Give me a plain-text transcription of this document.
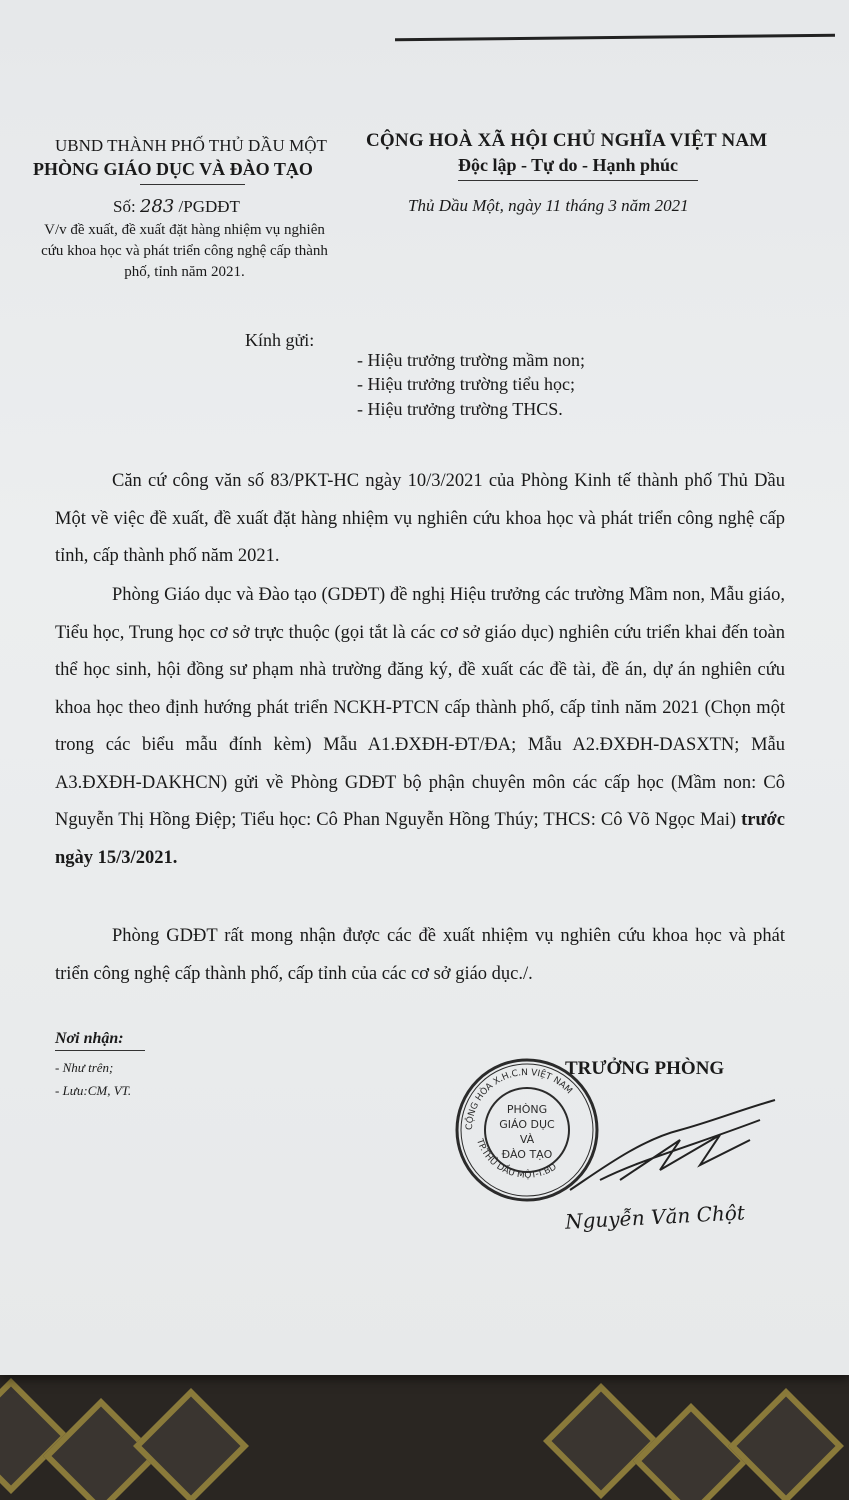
UBND THÀNH PHỐ THỦ DẦU MỘT
PHÒNG GIÁO DỤC VÀ ĐÀO TẠO
Số: 283 /PGDĐT
V/v đề xuất, đề xuất đặt hàng nhiệm vụ nghiên cứu khoa học và phát triển công nghệ cấp thành phố, tỉnh năm 2021.
CỘNG HOÀ XÃ HỘI CHỦ NGHĨA VIỆT NAM
Độc lập - Tự do - Hạnh phúc
Thủ Dầu Một, ngày 11 tháng 3 năm 2021
Kính gửi:
- Hiệu trưởng trường mầm non;
- Hiệu trưởng trường tiểu học;
- Hiệu trưởng trường THCS.
Căn cứ công văn số 83/PKT-HC ngày 10/3/2021 của Phòng Kinh tế thành phố Thủ Dầu Một về việc đề xuất, đề xuất đặt hàng nhiệm vụ nghiên cứu khoa học và phát triển công nghệ cấp tỉnh, cấp thành phố năm 2021.
Phòng Giáo dục và Đào tạo (GDĐT) đề nghị Hiệu trưởng các trường Mầm non, Mẫu giáo, Tiểu học, Trung học cơ sở trực thuộc (gọi tắt là các cơ sở giáo dục) nghiên cứu triển khai đến toàn thể học sinh, hội đồng sư phạm nhà trường đăng ký, đề xuất các đề tài, đề án, dự án nghiên cứu khoa học theo định hướng phát triển NCKH-PTCN cấp thành phố, cấp tỉnh năm 2021 (Chọn một trong các biểu mẫu đính kèm) Mẫu A1.ĐXĐH-ĐT/ĐA; Mẫu A2.ĐXĐH-DASXTN; Mẫu A3.ĐXĐH-DAKHCN) gửi về Phòng GDĐT bộ phận chuyên môn các cấp học (Mầm non: Cô Nguyễn Thị Hồng Điệp; Tiểu học: Cô Phan Nguyễn Hồng Thúy; THCS: Cô Võ Ngọc Mai) trước ngày 15/3/2021.
Phòng GDĐT rất mong nhận được các đề xuất nhiệm vụ nghiên cứu khoa học và phát triển công nghệ cấp thành phố, cấp tỉnh của các cơ sở giáo dục./.
Nơi nhận:
- Như trên;
- Lưu:CM, VT.
TRƯỞNG PHÒNG
CỘNG HÒA X.H.C.N VIỆT NAM
TP.THỦ DẦU MỘT-T.BD
PHÒNG
GIÁO DỤC
VÀ
ĐÀO TẠO
Nguyễn Văn Chột
